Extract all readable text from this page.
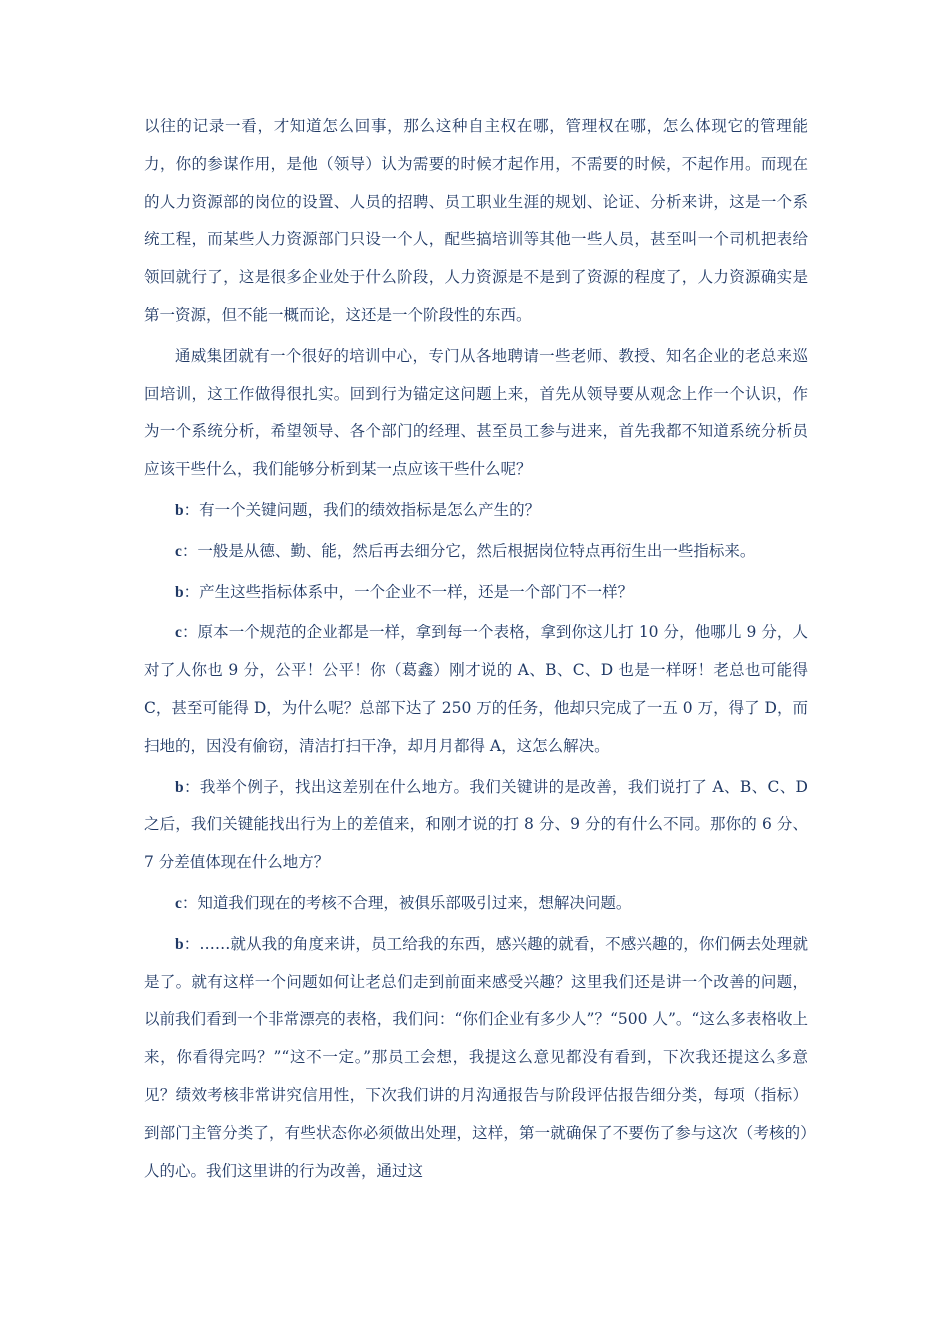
以往的记录一看，才知道怎么回事，那么这种自主权在哪，管理权在哪，怎么体现它的管理能力，你的参谋作用，是他（领导）认为需要的时候才起作用，不需要的时候，不起作用。而现在的人力资源部的岗位的设置、人员的招聘、员工职业生涯的规划、论证、分析来讲，这是一个系统工程，而某些人力资源部门只设一个人，配些搞培训等其他一些人员，甚至叫一个司机把表给领回就行了，这是很多企业处于什么阶段，人力资源是不是到了资源的程度了，人力资源确实是第一资源，但不能一概而论，这还是一个阶段性的东西。

通威集团就有一个很好的培训中心，专门从各地聘请一些老师、教授、知名企业的老总来巡回培训，这工作做得很扎实。回到行为锚定这问题上来，首先从领导要从观念上作一个认识，作为一个系统分析，希望领导、各个部门的经理、甚至员工参与进来，首先我都不知道系统分析员应该干些什么，我们能够分析到某一点应该干些什么呢？

b：有一个关键问题，我们的绩效指标是怎么产生的？

c：一般是从德、勤、能，然后再去细分它，然后根据岗位特点再衍生出一些指标来。

b：产生这些指标体系中，一个企业不一样，还是一个部门不一样？

c：原本一个规范的企业都是一样，拿到每一个表格，拿到你这儿打 10 分，他哪儿 9 分，人对了人你也 9 分，公平！公平！你（葛鑫）刚才说的 A、B、C、D 也是一样呀！老总也可能得 C，甚至可能得 D，为什么呢？总部下达了 250 万的任务，他却只完成了一五 0 万，得了 D，而扫地的，因没有偷窃，清洁打扫干净，却月月都得 A，这怎么解决。

b：我举个例子，找出这差别在什么地方。我们关键讲的是改善，我们说打了 A、B、C、D 之后，我们关键能找出行为上的差值来，和刚才说的打 8 分、9 分的有什么不同。那你的 6 分、7 分差值体现在什么地方？

c：知道我们现在的考核不合理，被俱乐部吸引过来，想解决问题。

b：……就从我的角度来讲，员工给我的东西，感兴趣的就看，不感兴趣的，你们俩去处理就是了。就有这样一个问题如何让老总们走到前面来感受兴趣？这里我们还是讲一个改善的问题，以前我们看到一个非常漂亮的表格，我们问：“你们企业有多少人”？“500 人”。“这么多表格收上来，你看得完吗？”“这不一定。”那员工会想，我提这么意见都没有看到，下次我还提这么多意见？绩效考核非常讲究信用性，下次我们讲的月沟通报告与阶段评估报告细分类，每项（指标）到部门主管分类了，有些状态你必须做出处理，这样，第一就确保了不要伤了参与这次（考核的）人的心。我们这里讲的行为改善，通过这
